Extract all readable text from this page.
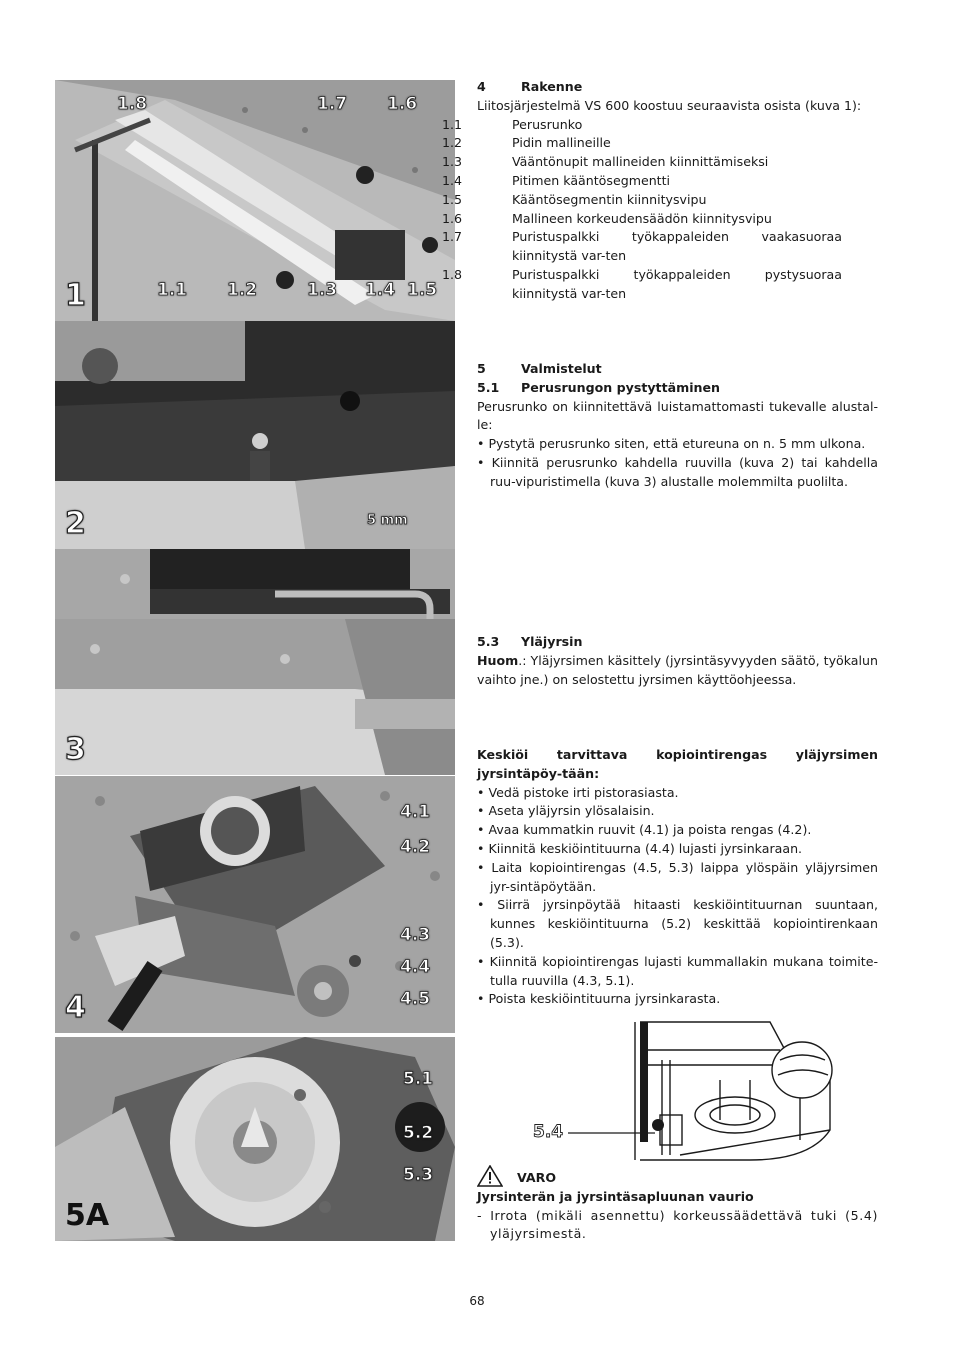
1.8	1.7 1.6
1.1 1.2	1.3 1.4 1.5
1
5 mm
2
3
4.1
4.2
4.3
4.4
4.5
4
5.1
5.2
5.3
5A

4	Rakenne

Liitosjärjestelmä VS 600 koostuu seuraavista osista (kuva 1):

1.1	Perusrunko

1.2	Pidin mallineille

1.3	Vääntönupit mallineiden kiinnittämiseksi

1.4	Pitimen kääntösegmentti

1.5	Kääntösegmentin kiinnitysvipu

1.6	Mallineen korkeudensäädön kiinnitysvipu

1.7	Puristuspalkki työkappaleiden vaakasuoraa kiinnitystä var-ten

1.8	Puristuspalkki työkappaleiden pystysuoraa kiinnitystä var-ten

5	Valmistelut

5.1 Perusrungon pystyttäminen

Perusrunko on kiinnitettävä luistamattomasti tukevalle alustal-le:

• Pystytä perusrunko siten, että etureuna on n. 5 mm ulkona.

• Kiinnitä perusrunko kahdella ruuvilla (kuva 2) tai kahdella ruu-vipuristimella (kuva 3) alustalle molemmilta puolilta.

5.3 Yläjyrsin

Huom.: Yläjyrsimen käsittely (jyrsintäsyvyyden säätö, työkalun vaihto jne.) on selostettu jyrsimen käyttöohjeessa.

Keskiöi tarvittava kopiointirengas yläjyrsimen jyrsintäpöy-tään:

• Vedä pistoke irti pistorasiasta.

• Aseta yläjyrsin ylösalaisin.

• Avaa kummatkin ruuvit (4.1) ja poista rengas (4.2).

• Kiinnitä keskiöintituurna (4.4) lujasti jyrsinkaraan.

• Laita kopiointirengas (4.5, 5.3) laippa ylöspäin yläjyrsimen jyr-sintäpöytään.

• Siirrä jyrsinpöytää hitaasti keskiöintituurnan suuntaan, kunnes keskiöintituurna (5.2) keskittää kopiointirenkaan (5.3).

• Kiinnitä kopiointirengas lujasti kummallakin mukana toimite-tulla ruuvilla (4.3, 5.1).

• Poista keskiöintituurna jyrsinkarasta.

5.4

VARO

Jyrsinterän ja jyrsintäsapluunan vaurio

- Irrota (mikäli asennettu) korkeussäädettävä tuki (5.4) yläjyrsimestä.

68
